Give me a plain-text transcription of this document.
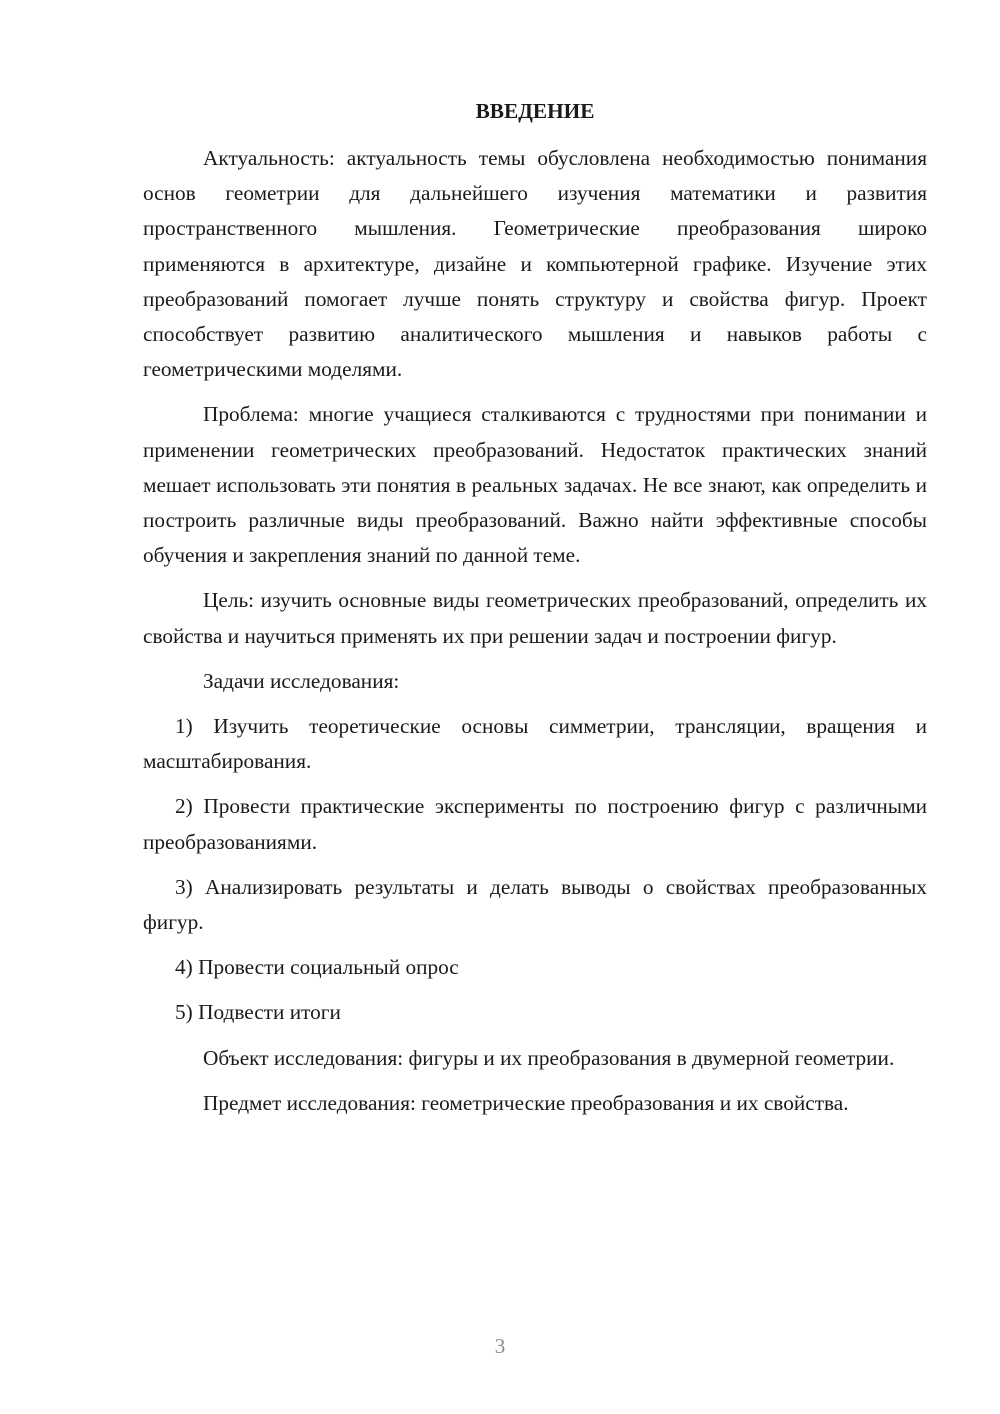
ВВЕДЕНИЕ

Актуальность: актуальность темы обусловлена необходимостью понимания основ геометрии для дальнейшего изучения математики и развития пространственного мышления. Геометрические преобразования широко применяются в архитектуре, дизайне и компьютерной графике. Изучение этих преобразований помогает лучше понять структуру и свойства фигур. Проект способствует развитию аналитического мышления и навыков работы с геометрическими моделями.

Проблема: многие учащиеся сталкиваются с трудностями при понимании и применении геометрических преобразований. Недостаток практических знаний мешает использовать эти понятия в реальных задачах. Не все знают, как определить и построить различные виды преобразований. Важно найти эффективные способы обучения и закрепления знаний по данной теме.

Цель: изучить основные виды геометрических преобразований, определить их свойства и научиться применять их при решении задач и построении фигур.

Задачи исследования:

1) Изучить теоретические основы симметрии, трансляции, вращения и масштабирования.

2) Провести практические эксперименты по построению фигур с различными преобразованиями.

3) Анализировать результаты и делать выводы о свойствах преобразованных фигур.

4) Провести социальный опрос

5) Подвести итоги

Объект исследования: фигуры и их преобразования в двумерной геометрии.

Предмет исследования: геометрические преобразования и их свойства.

3
